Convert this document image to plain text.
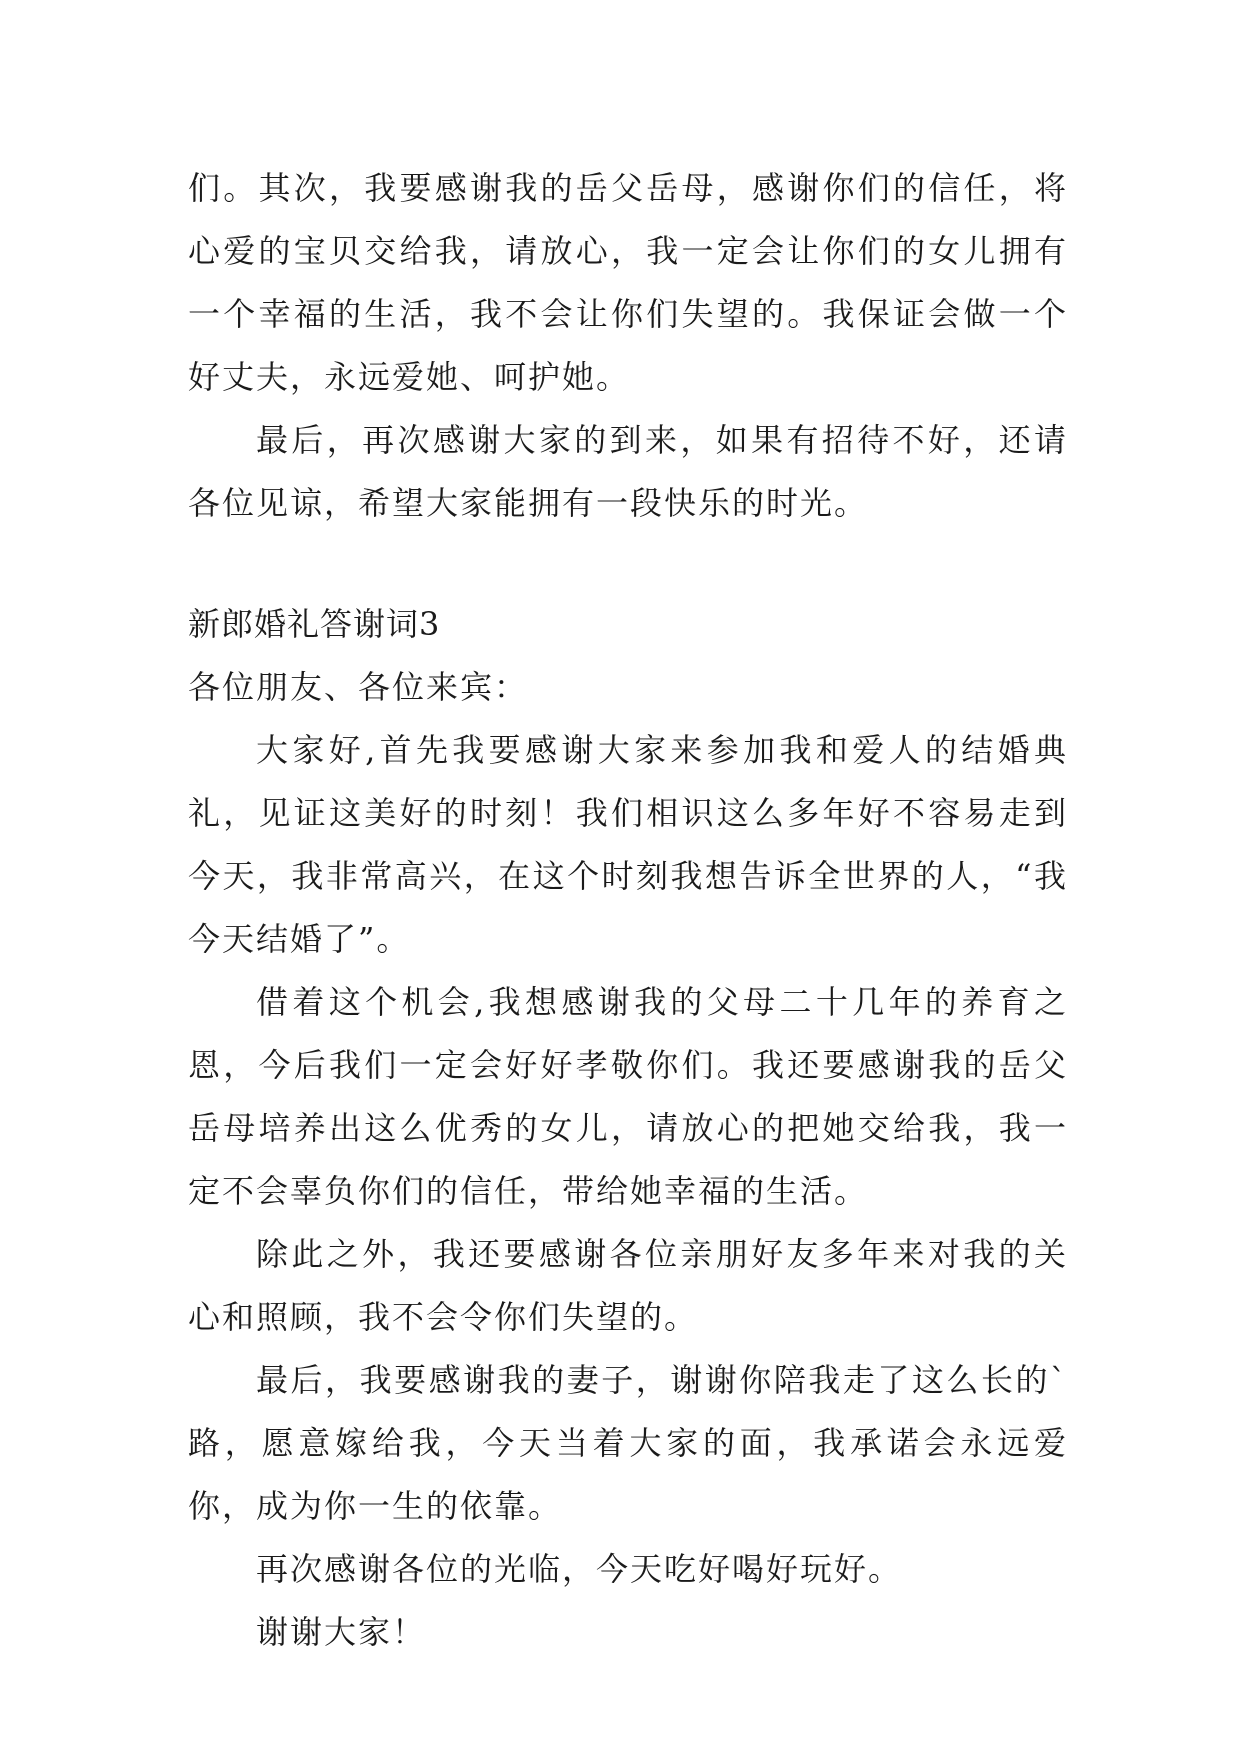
们。其次，我要感谢我的岳父岳母，感谢你们的信任，将心爱的宝贝交给我，请放心，我一定会让你们的女儿拥有一个幸福的生活，我不会让你们失望的。我保证会做一个好丈夫，永远爱她、呵护她。

最后，再次感谢大家的到来，如果有招待不好，还请各位见谅，希望大家能拥有一段快乐的时光。

新郎婚礼答谢词3

各位朋友、各位来宾：

大家好,首先我要感谢大家来参加我和爱人的结婚典礼，见证这美好的时刻！我们相识这么多年好不容易走到今天，我非常高兴，在这个时刻我想告诉全世界的人，“我今天结婚了”。

借着这个机会,我想感谢我的父母二十几年的养育之恩，今后我们一定会好好孝敬你们。我还要感谢我的岳父岳母培养出这么优秀的女儿，请放心的把她交给我，我一定不会辜负你们的信任，带给她幸福的生活。

除此之外，我还要感谢各位亲朋好友多年来对我的关心和照顾，我不会令你们失望的。

最后，我要感谢我的妻子，谢谢你陪我走了这么长的`路，愿意嫁给我，今天当着大家的面，我承诺会永远爱你，成为你一生的依靠。

再次感谢各位的光临，今天吃好喝好玩好。

谢谢大家！
